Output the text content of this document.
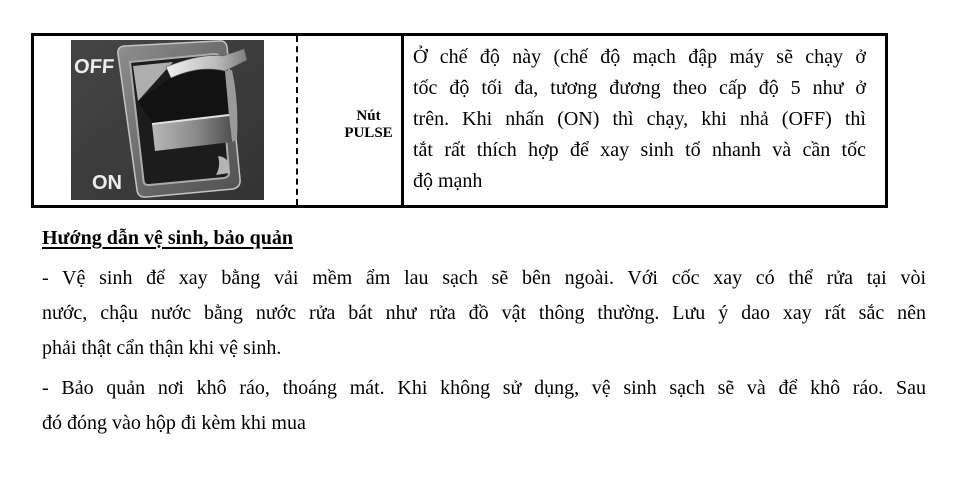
OFF
ON
Nút
PULSE
Ở chế độ này (chế độ mạch đập máy sẽ chạy ở
tốc độ tối đa, tương đương theo cấp độ 5 như ở
trên. Khi nhấn (ON) thì chạy, khi nhả (OFF) thì
tắt rất thích hợp để xay sinh tố nhanh và cần tốc
độ mạnh
Hướng dẫn vệ sinh, bảo quản
- Vệ sinh đế xay bằng vải mềm ẩm lau sạch sẽ bên ngoài. Với cốc xay có thể rửa tại vòi
nước, chậu nước bằng nước rửa bát như rửa đồ vật thông thường. Lưu ý dao xay rất sắc nên
phải thật cẩn thận khi vệ sinh.
- Bảo quản nơi khô ráo, thoáng mát. Khi không sử dụng, vệ sinh sạch sẽ và để khô ráo. Sau
đó đóng vào hộp đi kèm khi mua
